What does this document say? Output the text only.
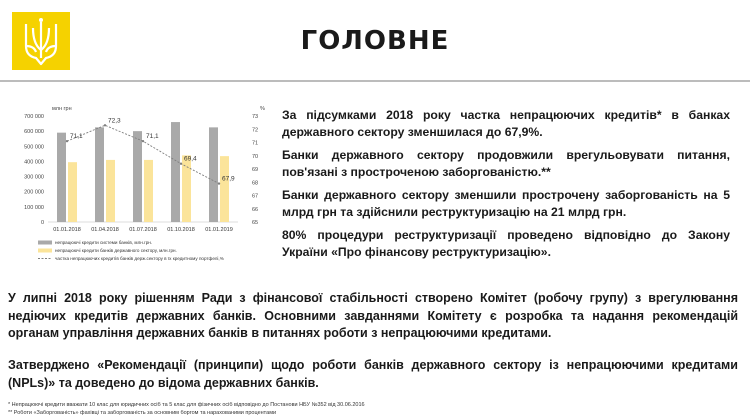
ГОЛОВНЕ
700 000
600 000
500 000
400 000
300 000
200 000
100 000
0
73
72
71
70
69
68
67
66
65
млн грн	%
01.01.2018 01.04.2018 01.07.2018 01.10.2018 01.01.2019
71,1
72,3
71,1
69,4
67,9
непрацюючі кредити системи банків, млн.грн.
непрацюючі кредити банків державного сектору, млн.грн.
частка непрацюючих кредитів банків держ.сектору в їх кредитному портфелі,%

За підсумками 2018 року частка непрацюючих кредитів* в банках державного сектору зменшилася до 67,9%.

Банки державного сектору продовжили врегульовувати питання, пов'язані з простроченою заборгованістю.**

Банки державного сектору зменшили прострочену заборгованість на 5 млрд грн та здійснили реструктуризацію на 21 млрд грн.

80% процедури реструктуризації проведено відповідно до Закону України «Про фінансову реструктуризацію».

У липні 2018 року рішенням Ради з фінансової стабільності створено Комітет (робочу групу) з врегулювання недіючих кредитів державних банків. Основними завданнями Комітету є розробка та надання рекомендацій органам управління державних банків в питаннях роботи з непрацюючими кредитами.
Затверджено «Рекомендації (принципи) щодо роботи банків державного сектору із непрацюючими кредитами (NPLs)» та доведено до відома державних банків.
* Непрацюючі кредити вважати 10 клас для юридичних осіб та 5 клас для фізичних осіб відповідно до Постанови НБУ №352 від 30.06.2016
** Роботи «Заборгованість» фахівці та заборгованість за основним боргом та нарахованими процентами
